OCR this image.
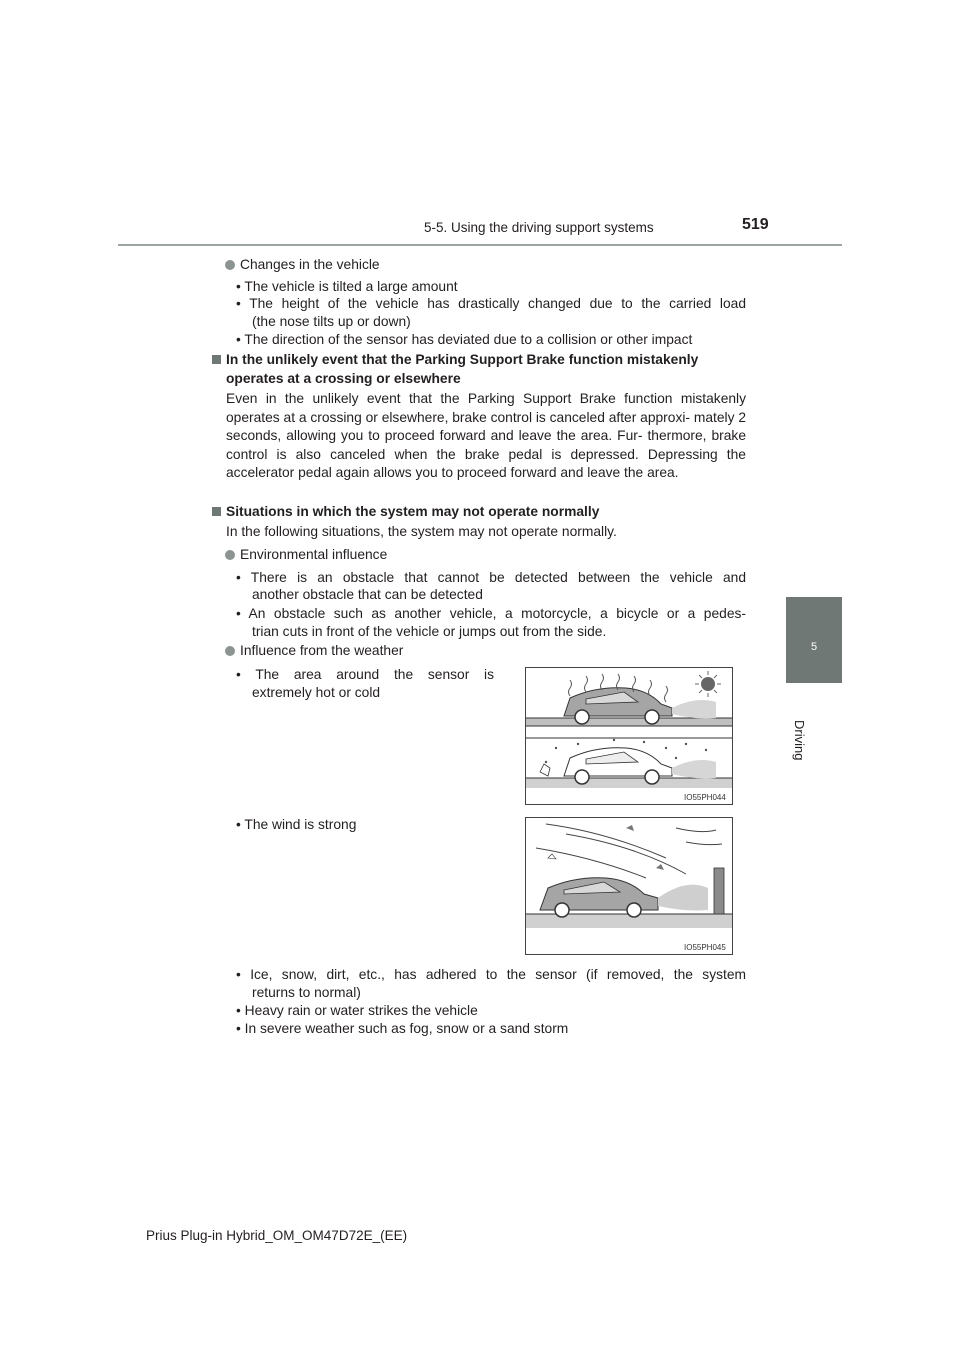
5-5. Using the driving support systems	519
5
Driving
Changes in the vehicle
• The vehicle is tilted a large amount
• The height of the vehicle has drastically changed due to the carried load
(the nose tilts up or down)
• The direction of the sensor has deviated due to a collision or other impact
In the unlikely event that the Parking Support Brake function mistakenly
operates at a crossing or elsewhere
Even in the unlikely event that the Parking Support Brake function mistakenly operates at a crossing or elsewhere, brake control is canceled after approxi- mately 2 seconds, allowing you to proceed forward and leave the area. Fur- thermore, brake control is also canceled when the brake pedal is depressed. Depressing the accelerator pedal again allows you to proceed forward and leave the area.
Situations in which the system may not operate normally
In the following situations, the system may not operate normally.
Environmental influence
• There is an obstacle that cannot be detected between the vehicle and
another obstacle that can be detected
• An obstacle such as another vehicle, a motorcycle, a bicycle or a pedes-
trian cuts in front of the vehicle or jumps out from the side.
Influence from the weather
• The area around the sensor is
extremely hot or cold
• The wind is strong
IO55PH044
IO55PH045
• Ice, snow, dirt, etc., has adhered to the sensor (if removed, the system
returns to normal)
• Heavy rain or water strikes the vehicle
• In severe weather such as fog, snow or a sand storm
Prius Plug-in Hybrid_OM_OM47D72E_(EE)
